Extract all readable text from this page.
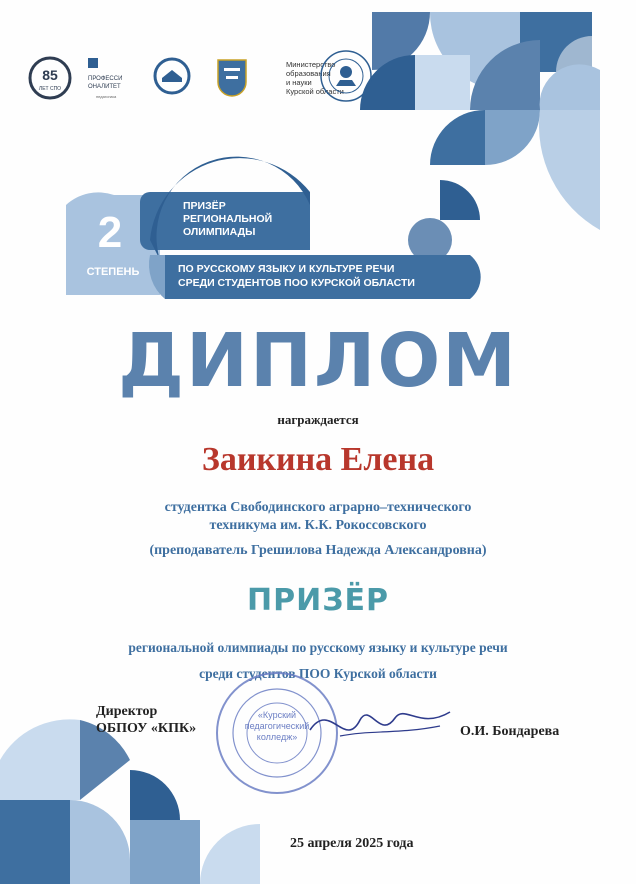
85
ЛЕТ СПО
ПРОФЕССИ
ОНАЛИТЕТ
педагогика
Министерство
образования
и науки
Курской области
2
СТЕПЕНЬ
ПРИЗЁР
РЕГИОНАЛЬНОЙ
ОЛИМПИАДЫ
ПО РУССКОМУ ЯЗЫКУ И КУЛЬТУРЕ РЕЧИ
СРЕДИ СТУДЕНТОВ ПОО КУРСКОЙ ОБЛАСТИ
ДИПЛОМ
награждается
Заикина Елена
студентка Свободинского аграрно–технического
техникума им. К.К. Рокоссовского
(преподаватель Грешилова Надежда Александровна)
ПРИЗЁР
региональной олимпиады по русскому языку и культуре речи
среди студентов ПОО Курской области
«Курский
педагогический
колледж»
Директор
ОБПОУ «КПК»	О.И. Бондарева
25 апреля 2025 года
